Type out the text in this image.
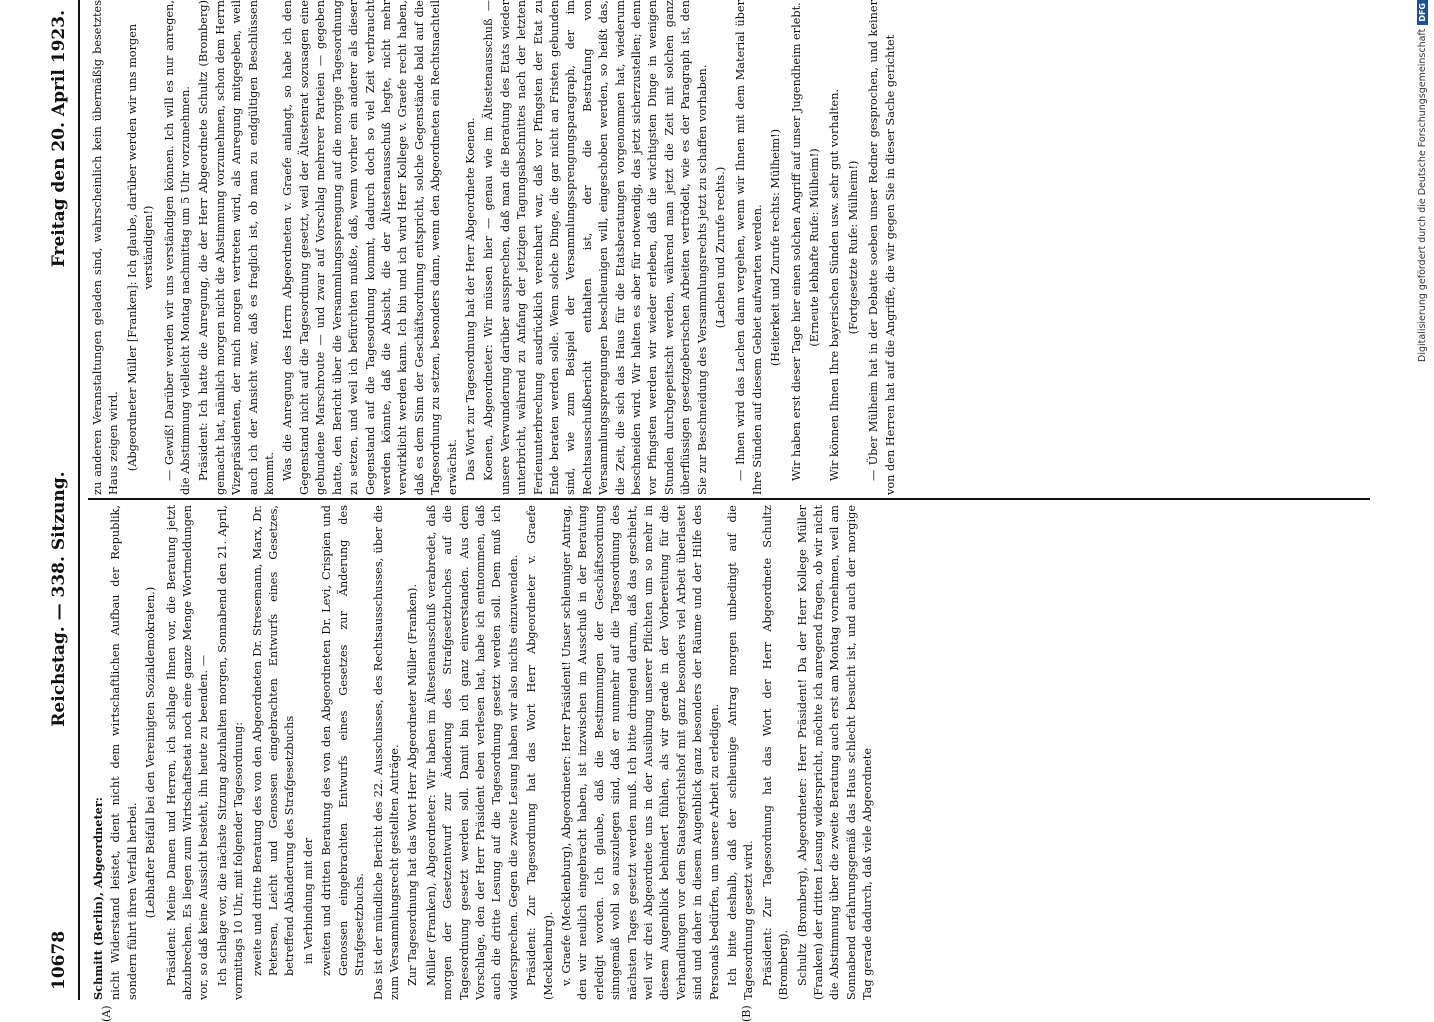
10678
Reichstag. — 338. Sitzung.
Freitag den 20. April 1923.
(A)	(B)

Schmitt (Berlin), Abgeordneter: nicht Widerstand leistet, dient nicht dem wirtschaftlichen Aufbau der Republik, sondern führt ihren Verfall herbei. (Lebhafter Beifall bei den Vereinigten Sozialdemokraten.) Präsident: Meine Damen und Herren, ich schlage Ihnen vor, die Beratung jetzt abzubrechen. Es liegen zum Wirtschaftsetat noch eine ganze Menge Wortmeldungen vor, so daß keine Aussicht besteht, ihn heute zu beenden. — Ich schlage vor, die nächste Sitzung abzuhalten morgen, Sonnabend den 21. April, vormittags 10 Uhr, mit folgender Tagesordnung: zweite und dritte Beratung des von den Abgeordneten Dr. Stresemann, Marx, Dr. Petersen, Leicht und Genossen eingebrachten Entwurfs eines Gesetzes, betreffend Abänderung des Strafgesetzbuchs in Verbindung mit der zweiten und dritten Beratung des von den Abgeordneten Dr. Levi, Crispien und Genossen eingebrachten Entwurfs eines Gesetzes zur Änderung des Strafgesetzbuchs. Das ist der mündliche Bericht des 22. Ausschusses, des Rechtsausschusses, über die zum Versammlungsrecht gestellten Anträge. Zur Tagesordnung hat das Wort Herr Abgeordneter Müller (Franken). Müller (Franken), Abgeordneter: Wir haben im Ältestenausschuß verabredet, daß morgen der Gesetzentwurf zur Änderung des Strafgesetzbuches auf die Tagesordnung gesetzt werden soll. Damit bin ich ganz einverstanden. Aus dem Vorschlage, den der Herr Präsident eben verlesen hat, habe ich entnommen, daß auch die dritte Lesung auf die Tagesordnung gesetzt werden soll. Dem muß ich widersprechen. Gegen die zweite Lesung haben wir also nichts einzuwenden. Präsident: Zur Tagesordnung hat das Wort Herr Abgeordneter v. Graefe (Mecklenburg). v. Graefe (Mecklenburg), Abgeordneter: Herr Präsident! Unser schleuniger Antrag, den wir neulich eingebracht haben, ist inzwischen im Ausschuß in der Beratung erledigt worden. Ich glaube, daß die Bestimmungen der Geschäftsordnung sinngemäß wohl so auszulegen sind, daß er nunmehr auf die Tagesordnung des nächsten Tages gesetzt werden muß. Ich bitte dringend darum, daß das geschieht, weil wir drei Abgeordnete uns in der Ausübung unserer Pflichten um so mehr in diesem Augenblick behindert fühlen, als wir gerade in der Vorbereitung für die Verhandlungen vor dem Staatsgerichtshof mit ganz besonders viel Arbeit überlastet sind und daher in diesem Augenblick ganz besonders der Räume und der Hilfe des Personals bedürfen, um unsere Arbeit zu erledigen. Ich bitte deshalb, daß der schleunige Antrag morgen unbedingt auf die Tagesordnung gesetzt wird. Präsident: Zur Tagesordnung hat das Wort der Herr Abgeordnete Schultz (Bromberg). Schultz (Bromberg), Abgeordneter: Herr Präsident! Da der Herr Kollege Müller (Franken) der dritten Lesung widerspricht, möchte ich anregend fragen, ob wir nicht die Abstimmung über die zweite Beratung auch erst am Montag vornehmen, weil am Sonnabend erfahrungsgemäß das Haus schlecht besucht ist, und auch der morgige Tag gerade dadurch, daß viele Abgeordnete

zu anderen Veranstaltungen geladen sind, wahrscheinlich kein übermäßig besetztes Haus zeigen wird. (Abgeordneter Müller [Franken]: Ich glaube, darüber werden wir uns morgen verständigen!) — Gewiß! Darüber werden wir uns verständigen können. Ich will es nur anregen, die Abstimmung vielleicht Montag nachmittag um 5 Uhr vorzunehmen. Präsident: Ich hatte die Anregung, die der Herr Abgeordnete Schultz (Bromberg) gemacht hat, nämlich morgen nicht die Abstimmung vorzunehmen, schon dem Herrn Vizepräsidenten, der mich morgen vertreten wird, als Anregung mitgegeben, weil auch ich der Ansicht war, daß es fraglich ist, ob man zu endgültigen Beschlüssen kommt. Was die Anregung des Herrn Abgeordneten v. Graefe anlangt, so habe ich den Gegenstand nicht auf die Tagesordnung gesetzt, weil der Ältestenrat sozusagen eine gebundene Marschroute — und zwar auf Vorschlag mehrerer Parteien — gegeben hatte, den Bericht über die Versammlungssprengung auf die morgige Tagesordnung zu setzen, und weil ich befürchten mußte, daß, wenn vorher ein anderer als dieser Gegenstand auf die Tagesordnung kommt, dadurch doch so viel Zeit verbraucht werden könnte, daß die Absicht, die der Ältestenausschuß hegte, nicht mehr verwirklicht werden kann. Ich bin und ich wird Herr Kollege v. Graefe recht haben, daß es dem Sinn der Geschäftsordnung entspricht, solche Gegenstände bald auf die Tagesordnung zu setzen, besonders dann, wenn den Abgeordneten ein Rechtsnachteil erwächst. Das Wort zur Tagesordnung hat der Herr Abgeordnete Koenen. Koenen, Abgeordneter: Wir müssen hier — genau wie im Ältestenausschuß — unsere Verwunderung darüber aussprechen, daß man die Beratung des Etats wieder unterbricht, während zu Anfang der jetzigen Tagungsabschnittes nach der letzten Ferienunterbrechung ausdrücklich vereinbart war, daß vor Pfingsten der Etat zu Ende beraten werden solle. Wenn solche Dinge, die gar nicht an Fristen gebunden sind, wie zum Beispiel der Versammlungssprengungsparagraph, der im Rechtsausschußbericht enthalten ist, der die Bestrafung von Versammlungssprengungen beschleunigen will, eingeschoben werden, so heißt das, die Zeit, die sich das Haus für die Etatsberatungen vorgenommen hat, wiederum beschneiden wird. Wir halten es aber für notwendig, das jetzt sicherzustellen; denn vor Pfingsten werden wir wieder erleben, daß die wichtigsten Dinge in wenigen Stunden durchgepeitscht werden, während man jetzt die Zeit mit solchen ganz überflüssigen gesetzgeberischen Arbeiten vertrödelt, wie es der Paragraph ist, den Sie zur Beschneidung des Versammlungsrechts jetzt zu schaffen vorhaben. (Lachen und Zurufe rechts.) — Ihnen wird das Lachen dann vergehen, wenn wir Ihnen mit dem Material über Ihre Sünden auf diesem Gebiet aufwarten werden. (Heiterkeit und Zurufe rechts: Mülheim!) Wir haben erst dieser Tage hier einen solchen Angriff auf unser Jugendheim erlebt. (Erneute lebhafte Rufe: Mülheim!) Wir können Ihnen Ihre bayerischen Sünden usw. sehr gut vorhalten. (Fortgesetzte Rufe: Mülheim!) — Über Mülheim hat in der Debatte soeben unser Redner gesprochen, und keiner von den Herren hat auf die Angriffe, die wir gegen Sie in dieser Sache gerichtet	Digitalisierung gefördert durch die Deutsche Forschungsgemeinschaft
DFG
